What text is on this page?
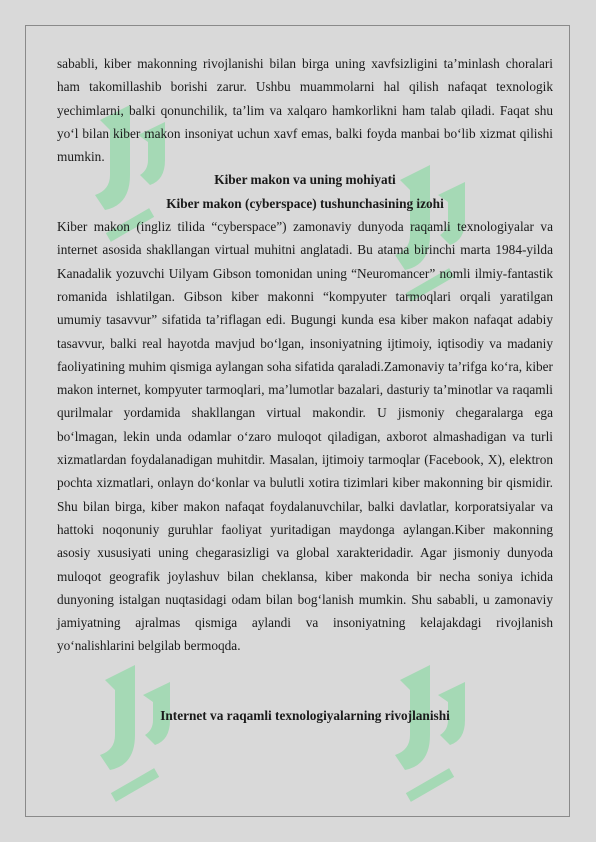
sababli, kiber makonning rivojlanishi bilan birga uning xavfsizligini ta’minlash choralari ham takomillashib borishi zarur. Ushbu muammolarni hal qilish nafaqat texnologik yechimlarni, balki qonunchilik, ta’lim va xalqaro hamkorlikni ham talab qiladi. Faqat shu yo‘l bilan kiber makon insoniyat uchun xavf emas, balki foyda manbai bo‘lib xizmat qilishi mumkin.

Kiber makon va uning mohiyati
Kiber makon (cyberspace) tushunchasining izohi

Kiber makon (ingliz tilida “cyberspace”) zamonaviy dunyoda raqamli texnologiyalar va internet asosida shakllangan virtual muhitni anglatadi. Bu atama birinchi marta 1984-yilda Kanadalik yozuvchi Uilyam Gibson tomonidan uning “Neuromancer” nomli ilmiy-fantastik romanida ishlatilgan. Gibson kiber makonni “kompyuter tarmoqlari orqali yaratilgan umumiy tasavvur” sifatida ta’riflagan edi. Bugungi kunda esa kiber makon nafaqat adabiy tasavvur, balki real hayotda mavjud bo‘lgan, insoniyatning ijtimoiy, iqtisodiy va madaniy faoliyatining muhim qismiga aylangan soha sifatida qaraladi.Zamonaviy ta’rifga ko‘ra, kiber makon internet, kompyuter tarmoqlari, ma’lumotlar bazalari, dasturiy ta’minotlar va raqamli qurilmalar yordamida shakllangan virtual makondir. U jismoniy chegaralarga ega bo‘lmagan, lekin unda odamlar o‘zaro muloqot qiladigan, axborot almashadigan va turli xizmatlardan foydalanadigan muhitdir. Masalan, ijtimoiy tarmoqlar (Facebook, X), elektron pochta xizmatlari, onlayn do‘konlar va bulutli xotira tizimlari kiber makonning bir qismidir. Shu bilan birga, kiber makon nafaqat foydalanuvchilar, balki davlatlar, korporatsiyalar va hattoki noqonuniy guruhlar faoliyat yuritadigan maydonga aylangan.Kiber makonning asosiy xususiyati uning chegarasizligi va global xarakteridadir. Agar jismoniy dunyoda muloqot geografik joylashuv bilan cheklansa, kiber makonda bir necha soniya ichida dunyoning istalgan nuqtasidagi odam bilan bog‘lanish mumkin. Shu sababli, u zamonaviy jamiyatning ajralmas qismiga aylandi va insoniyatning kelajakdagi rivojlanish yo‘nalishlarini belgilab bermoqda.

Internet va raqamli texnologiyalarning rivojlanishi
